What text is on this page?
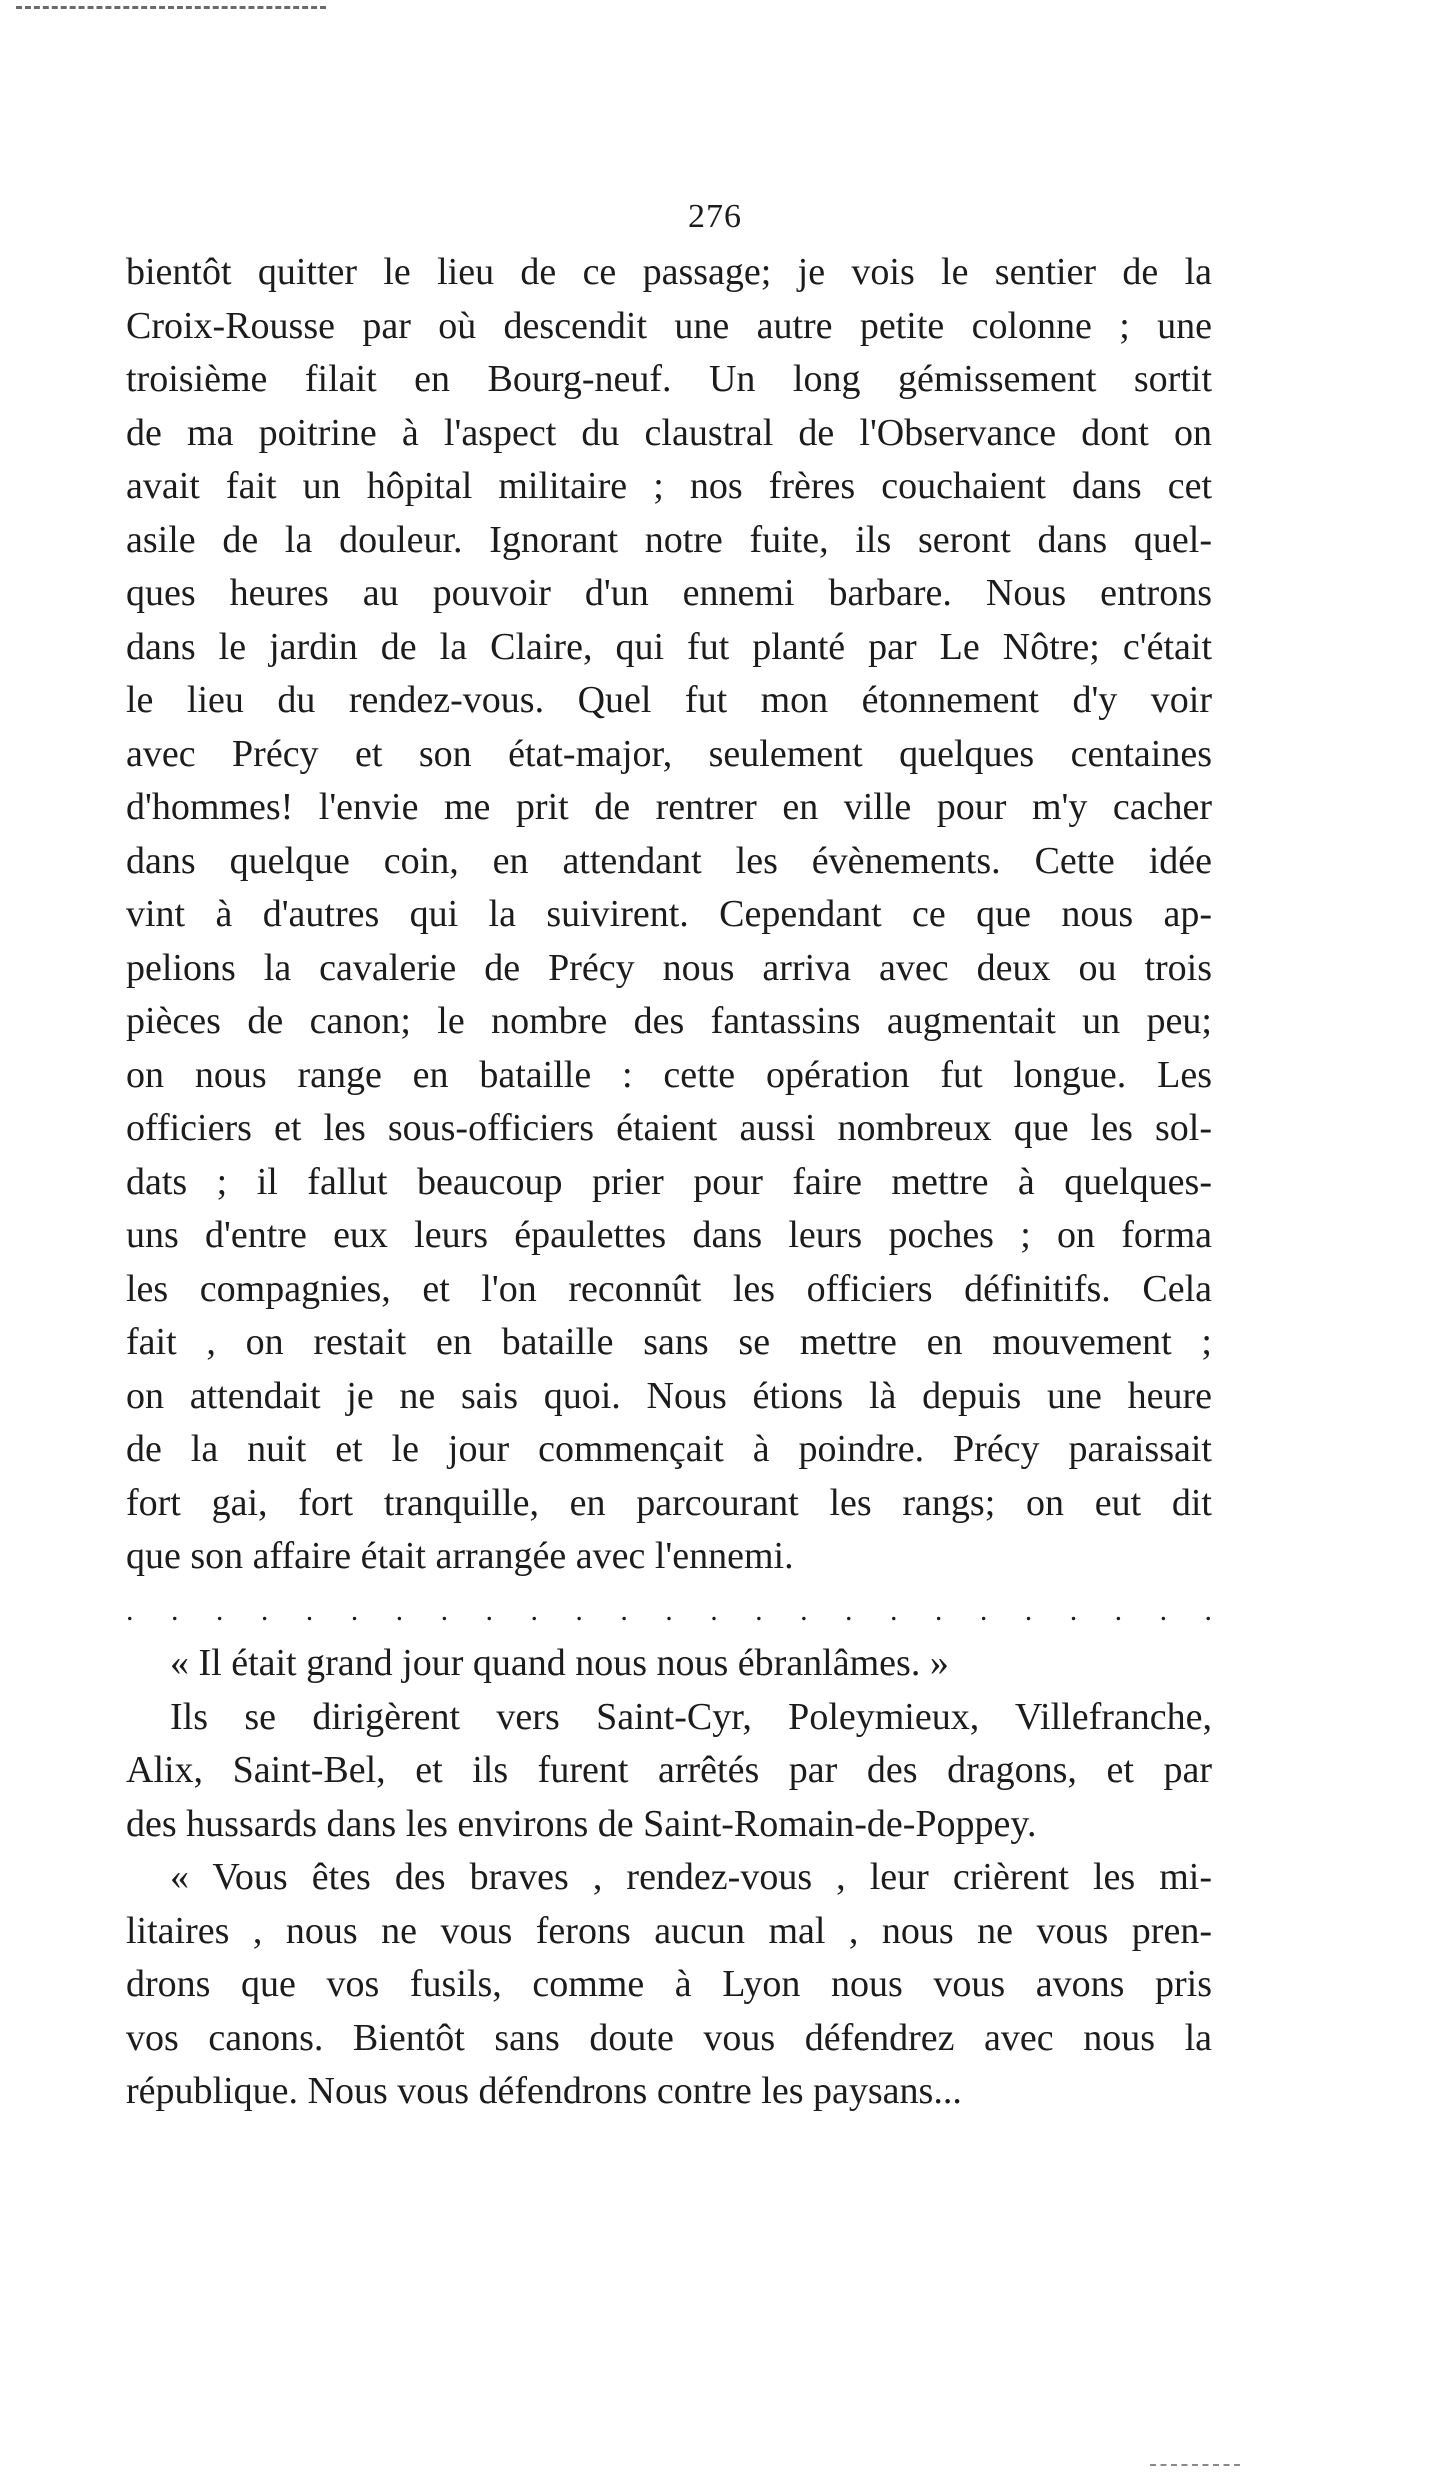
276
bientôt quitter le lieu de ce passage; je vois le sentier de la
Croix-Rousse par où descendit une autre petite colonne ; une
troisième filait en Bourg-neuf. Un long gémissement sortit
de ma poitrine à l'aspect du claustral de l'Observance dont on
avait fait un hôpital militaire ; nos frères couchaient dans cet
asile de la douleur. Ignorant notre fuite, ils seront dans quel-
ques heures au pouvoir d'un ennemi barbare. Nous entrons
dans le jardin de la Claire, qui fut planté par Le Nôtre; c'était
le lieu du rendez-vous. Quel fut mon étonnement d'y voir
avec Précy et son état-major, seulement quelques centaines
d'hommes! l'envie me prit de rentrer en ville pour m'y cacher
dans quelque coin, en attendant les évènements. Cette idée
vint à d'autres qui la suivirent. Cependant ce que nous ap-
pelions la cavalerie de Précy nous arriva avec deux ou trois
pièces de canon; le nombre des fantassins augmentait un peu;
on nous range en bataille : cette opération fut longue. Les
officiers et les sous-officiers étaient aussi nombreux que les sol-
dats ; il fallut beaucoup prier pour faire mettre à quelques-
uns d'entre eux leurs épaulettes dans leurs poches ; on forma
les compagnies, et l'on reconnût les officiers définitifs. Cela
fait , on restait en bataille sans se mettre en mouvement ;
on attendait je ne sais quoi. Nous étions là depuis une heure
de la nuit et le jour commençait à poindre. Précy paraissait
fort gai, fort tranquille, en parcourant les rangs; on eut dit
que son affaire était arrangée avec l'ennemi.
. . . . . . . . . . . . . . . . . . . . . . . . .
« Il était grand jour quand nous nous ébranlâmes. »
Ils se dirigèrent vers Saint-Cyr, Poleymieux, Villefranche,
Alix, Saint-Bel, et ils furent arrêtés par des dragons, et par
des hussards dans les environs de Saint-Romain-de-Poppey.
« Vous êtes des braves , rendez-vous , leur crièrent les mi-
litaires , nous ne vous ferons aucun mal , nous ne vous pren-
drons que vos fusils, comme à Lyon nous vous avons pris
vos canons. Bientôt sans doute vous défendrez avec nous la
république. Nous vous défendrons contre les paysans...
